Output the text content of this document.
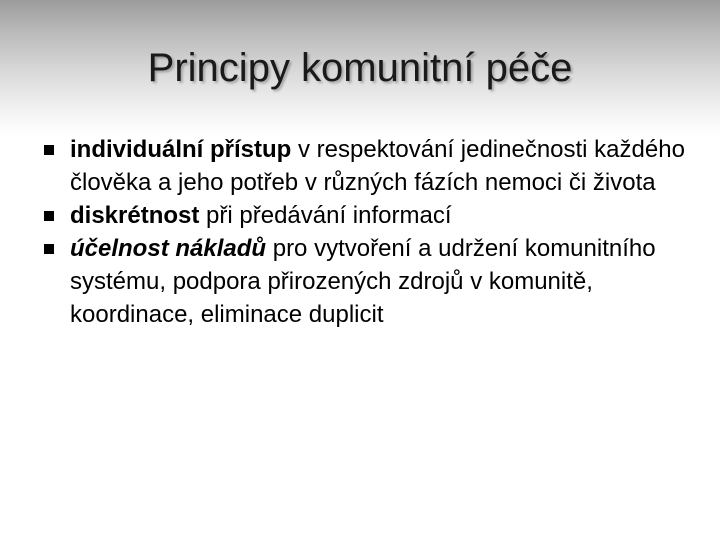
Principy komunitní péče
individuální přístup v respektování jedinečnosti každého člověka a jeho potřeb v různých fázích nemoci či života
diskrétnost při předávání informací
účelnost nákladů pro vytvoření a udržení komunitního systému, podpora přirozených zdrojů v komunitě, koordinace, eliminace duplicit
